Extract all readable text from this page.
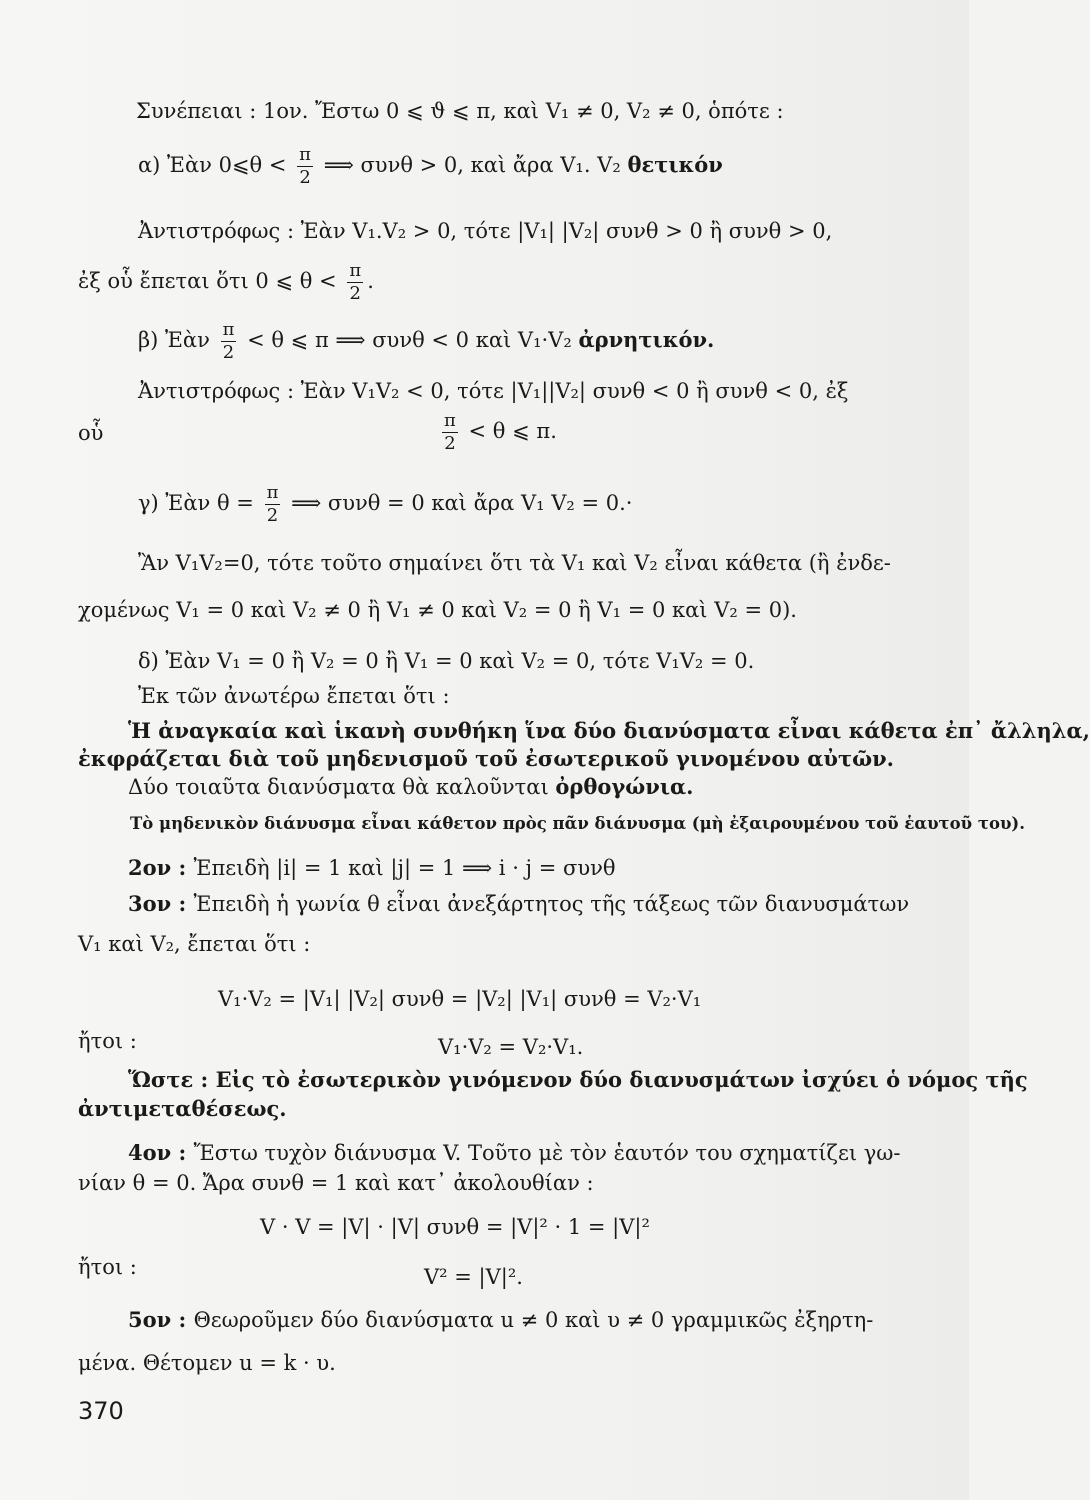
Συνέπειαι : 1ον. Ἔστω 0 ⩽ ϑ ⩽ π, καὶ V₁ ≠ 0, V₂ ≠ 0, ὁπότε :
α) Ἐὰν 0⩽θ < $\frac{\pi}{2}$ ⟹ συνθ > 0, καὶ ἄρα V₁. V₂ θετικόν
Ἀντιστρόφως : Ἐὰν V₁.V₂ > 0, τότε |V₁| |V₂| συνθ > 0 ἢ συνθ > 0,
ἐξ οὗ ἔπεται ὅτι 0 ⩽ $\theta < \frac{\pi}{2}$ .
β) Ἐὰν $\frac{\pi}{2} < \theta$ ⩽ π ⟹ συνθ < 0 καὶ V₁·V₂ ἀρνητικόν.
Ἀντιστρόφως : Ἐὰν V₁V₂ < 0, τότε |V₁||V₂| συνθ < 0 ἢ συνθ < 0, ἐξ
οὗ	$\frac{\pi}{2} < \theta$ ⩽ π.
γ) Ἐὰν $\theta = \frac{\pi}{2}$ ⟹ συνθ = 0 καὶ ἄρα V₁ V₂ = 0.·
Ἂν V₁V₂=0, τότε τοῦτο σημαίνει ὅτι τὰ V₁ καὶ V₂ εἶναι κάθετα (ἢ ἐνδε-
χομένως V₁ = 0 καὶ V₂ ≠ 0 ἢ V₁ ≠ 0 καὶ V₂ = 0 ἢ V₁ = 0 καὶ V₂ = 0).
δ) Ἐὰν V₁ = 0 ἢ V₂ = 0 ἢ V₁ = 0 καὶ V₂ = 0, τότε V₁V₂ = 0.
Ἐκ τῶν ἀνωτέρω ἔπεται ὅτι :
Ἡ ἀναγκαία καὶ ἱκανὴ συνθήκη ἵνα δύο διανύσματα εἶναι κάθετα ἐπ᾽ ἄλληλα,
ἐκφράζεται διὰ τοῦ μηδενισμοῦ τοῦ ἐσωτερικοῦ γινομένου αὐτῶν.
Δύο τοιαῦτα διανύσματα θὰ καλοῦνται ὀρθογώνια.
Τὸ μηδενικὸν διάνυσμα εἶναι κάθετον πρὸς πᾶν διάνυσμα (μὴ ἐξαιρουμένου τοῦ ἑαυτοῦ του).
2ον : Ἐπειδὴ |i| = 1 καὶ |j| = 1 ⟹ i · j = συνθ
3ον : Ἐπειδὴ ἡ γωνία θ εἶναι ἀνεξάρτητος τῆς τάξεως τῶν διανυσμάτων
V₁ καὶ V₂, ἔπεται ὅτι :
V₁·V₂ = |V₁| |V₂| συνθ = |V₂| |V₁| συνθ = V₂·V₁
ἤτοι :	V₁·V₂ = V₂·V₁.
Ὥστε : Εἰς τὸ ἐσωτερικὸν γινόμενον δύο διανυσμάτων ἰσχύει ὁ νόμος τῆς
ἀντιμεταθέσεως.
4ον : Ἔστω τυχὸν διάνυσμα V. Τοῦτο μὲ τὸν ἑαυτόν του σχηματίζει γω-
νίαν θ = 0. Ἄρα συνθ = 1 καὶ κατ᾽ ἀκολουθίαν :
V · V = |V| · |V| συνθ = |V|² · 1 = |V|²
ἤτοι :	V² = |V|².
5ον : Θεωροῦμεν δύο διανύσματα u ≠ 0 καὶ υ ≠ 0 γραμμικῶς ἐξηρτη-
μένα. Θέτομεν u = k · υ.
370
